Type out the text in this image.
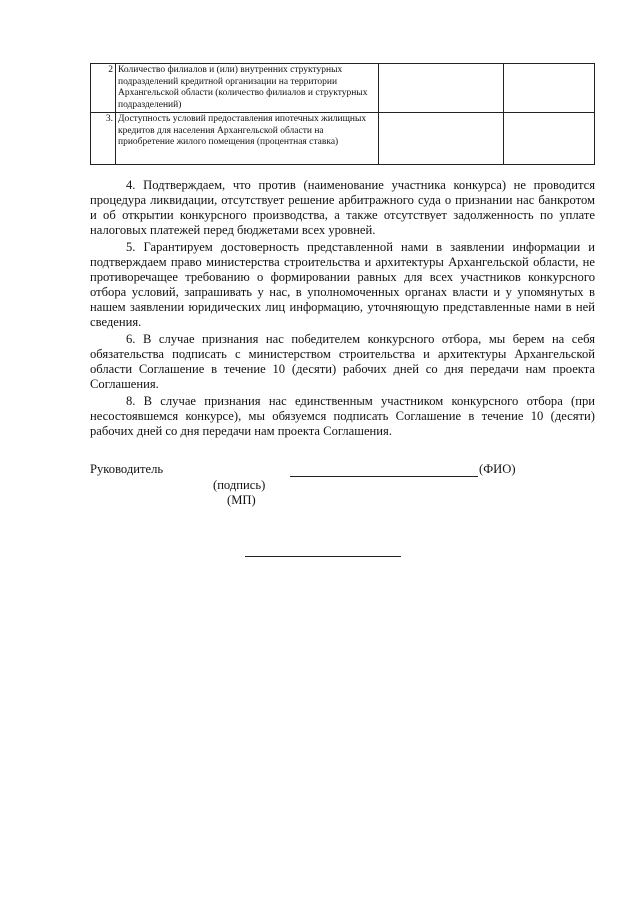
2	Количество филиалов и (или) внутренних структурных подразделений кредитной организации на территории Архангельской области (количество филиалов и структурных подразделений)		
3.	Доступность условий предоставления ипотечных жилищных кредитов для населения Архангельской области на приобретение жилого помещения (процентная ставка)		

4. Подтверждаем, что против (наименование участника конкурса) не проводится процедура ликвидации, отсутствует решение арбитражного суда о признании нас банкротом и об открытии конкурсного производства, а также отсутствует задолженность по уплате налоговых платежей перед бюджетами всех уровней.

5. Гарантируем достоверность представленной нами в заявлении информации и подтверждаем право министерства строительства и архитектуры Архангельской области, не противоречащее требованию о формировании равных для всех участников конкурсного отбора условий, запрашивать у нас, в уполномоченных органах власти и у упомянутых в нашем заявлении юридических лиц информацию, уточняющую представленные нами в ней сведения.

6. В случае признания нас победителем конкурсного отбора, мы берем на себя обязательства подписать с министерством строительства и архитектуры Архангельской области Соглашение в течение 10 (десяти) рабочих дней со дня передачи нам проекта Соглашения.

8. В случае признания нас единственным участником конкурсного отбора (при несостоявшемся конкурсе), мы обязуемся подписать Соглашение в течение 10 (десяти) рабочих дней со дня передачи нам проекта Соглашения.

Руководитель	(ФИО)
(подпись)
(МП)
